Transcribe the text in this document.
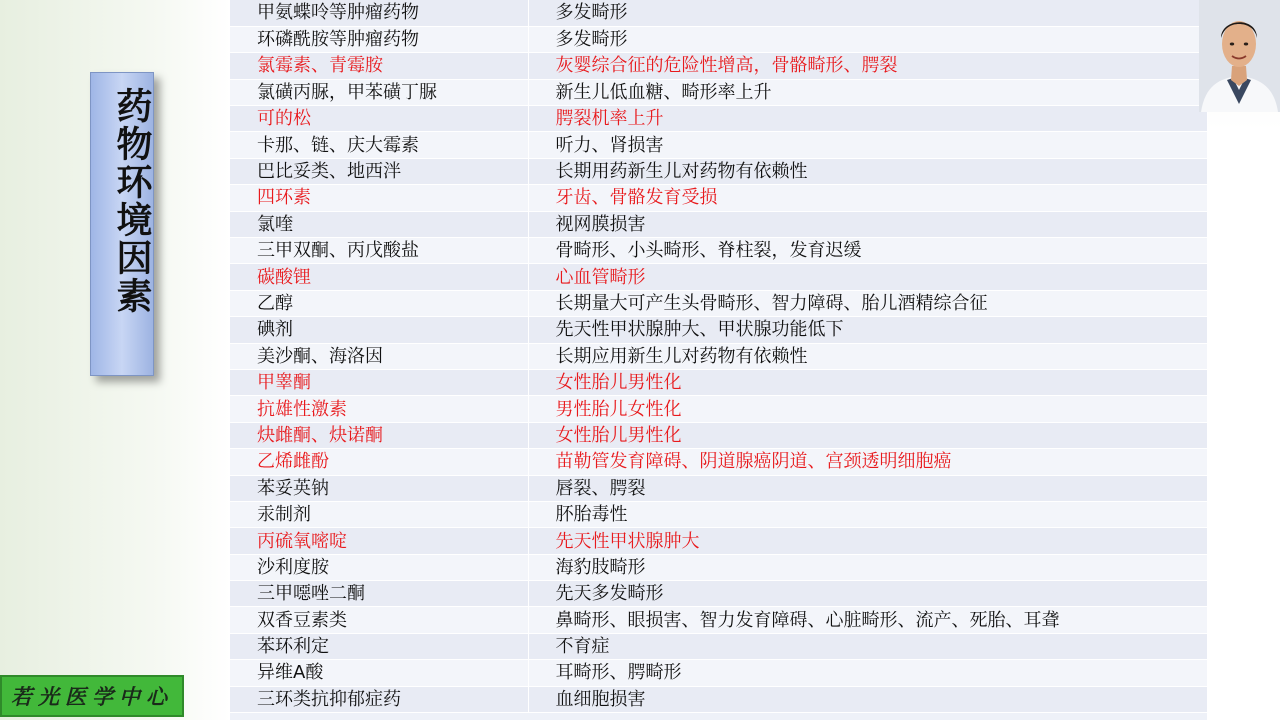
药物环境因素
甲氨蝶呤等肿瘤药物	多发畸形
环磷酰胺等肿瘤药物	多发畸形
氯霉素、青霉胺	灰婴综合征的危险性增高，骨骼畸形、腭裂
氯磺丙脲，甲苯磺丁脲	新生儿低血糖、畸形率上升
可的松	腭裂机率上升
卡那、链、庆大霉素	听力、肾损害
巴比妥类、地西泮	长期用药新生儿对药物有依赖性
四环素	牙齿、骨骼发育受损
氯喹	视网膜损害
三甲双酮、丙戊酸盐	骨畸形、小头畸形、脊柱裂，发育迟缓
碳酸锂	心血管畸形
乙醇	长期量大可产生头骨畸形、智力障碍、胎儿酒精综合征
碘剂	先天性甲状腺肿大、甲状腺功能低下
美沙酮、海洛因	长期应用新生儿对药物有依赖性
甲睾酮	女性胎儿男性化
抗雄性激素	男性胎儿女性化
炔雌酮、炔诺酮	女性胎儿男性化
乙烯雌酚	苗勒管发育障碍、阴道腺癌阴道、宫颈透明细胞癌
苯妥英钠	唇裂、腭裂
汞制剂	肧胎毒性
丙硫氧嘧啶	先天性甲状腺肿大
沙利度胺	海豹肢畸形
三甲噁唑二酮	先天多发畸形
双香豆素类	鼻畸形、眼损害、智力发育障碍、心脏畸形、流产、死胎、耳聋
苯环利定	不育症
异维A酸	耳畸形、腭畸形
三环类抗抑郁症药	血细胞损害
若光医学中心
